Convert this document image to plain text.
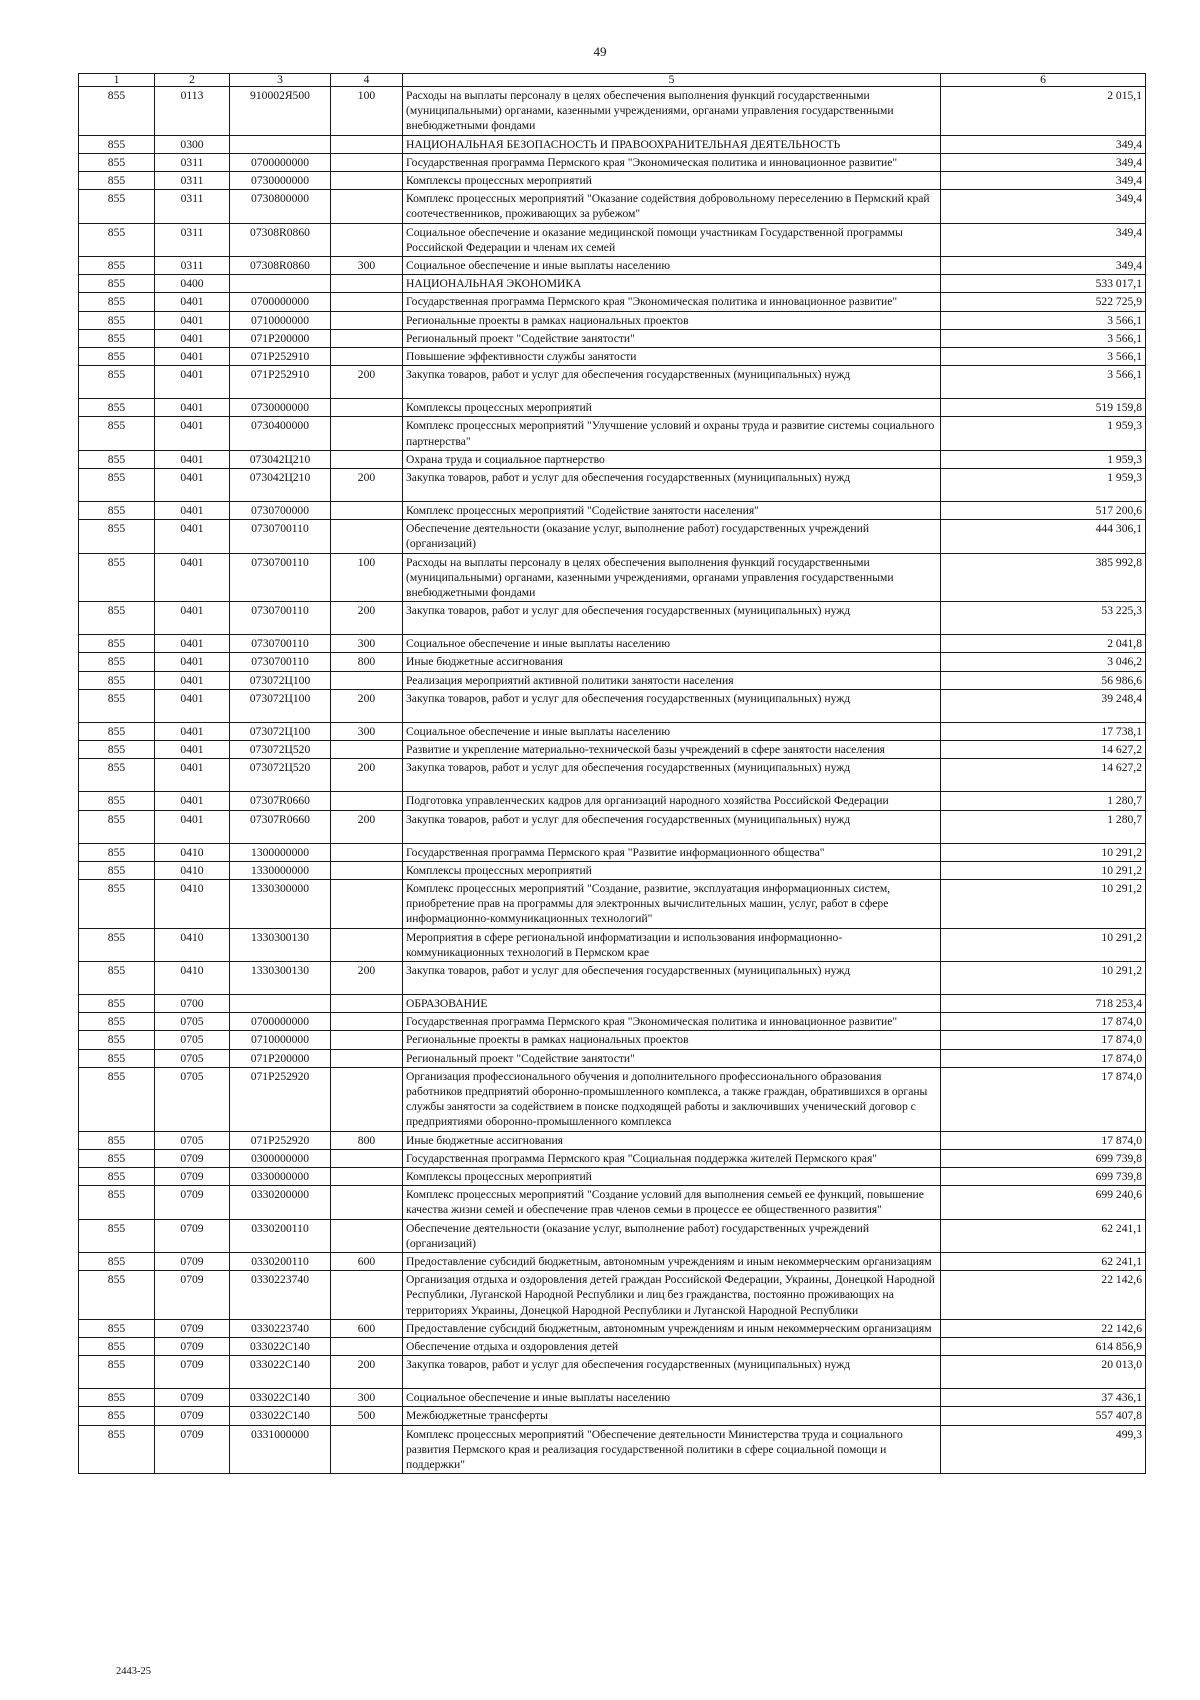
49
1	2	3	4	5	6
855	0113	910002Я500	100	Расходы на выплаты персоналу в целях обеспечения выполнения функций государственными (муниципальными) органами, казенными учреждениями, органами управления государственными внебюджетными фондами	2 015,1
855	0300			НАЦИОНАЛЬНАЯ БЕЗОПАСНОСТЬ И ПРАВООХРАНИТЕЛЬНАЯ ДЕЯТЕЛЬНОСТЬ	349,4
855	0311	0700000000		Государственная программа Пермского края "Экономическая политика и инновационное развитие"	349,4
855	0311	0730000000		Комплексы процессных мероприятий	349,4
855	0311	0730800000		Комплекс процессных мероприятий "Оказание содействия добровольному переселению в Пермский край соотечественников, проживающих за рубежом"	349,4
855	0311	07308R0860		Социальное обеспечение и оказание медицинской помощи участникам Государственной программы Российской Федерации и членам их семей	349,4
855	0311	07308R0860	300	Социальное обеспечение и иные выплаты населению	349,4
855	0400			НАЦИОНАЛЬНАЯ ЭКОНОМИКА	533 017,1
855	0401	0700000000		Государственная программа Пермского края "Экономическая политика и инновационное развитие"	522 725,9
855	0401	0710000000		Региональные проекты в рамках национальных проектов	3 566,1
855	0401	071P200000		Региональный проект "Содействие занятости"	3 566,1
855	0401	071P252910		Повышение эффективности службы занятости	3 566,1
855	0401	071P252910	200	Закупка товаров, работ и услуг для обеспечения государственных (муниципальных) нужд	3 566,1
855	0401	0730000000		Комплексы процессных мероприятий	519 159,8
855	0401	0730400000		Комплекс процессных мероприятий "Улучшение условий и охраны труда и развитие системы социального партнерства"	1 959,3
855	0401	073042Ц210		Охрана труда и социальное партнерство	1 959,3
855	0401	073042Ц210	200	Закупка товаров, работ и услуг для обеспечения государственных (муниципальных) нужд	1 959,3
855	0401	0730700000		Комплекс процессных мероприятий "Содействие занятости населения"	517 200,6
855	0401	0730700110		Обеспечение деятельности (оказание услуг, выполнение работ) государственных учреждений (организаций)	444 306,1
855	0401	0730700110	100	Расходы на выплаты персоналу в целях обеспечения выполнения функций государственными (муниципальными) органами, казенными учреждениями, органами управления государственными внебюджетными фондами	385 992,8
855	0401	0730700110	200	Закупка товаров, работ и услуг для обеспечения государственных (муниципальных) нужд	53 225,3
855	0401	0730700110	300	Социальное обеспечение и иные выплаты населению	2 041,8
855	0401	0730700110	800	Иные бюджетные ассигнования	3 046,2
855	0401	073072Ц100		Реализация мероприятий активной политики занятости населения	56 986,6
855	0401	073072Ц100	200	Закупка товаров, работ и услуг для обеспечения государственных (муниципальных) нужд	39 248,4
855	0401	073072Ц100	300	Социальное обеспечение и иные выплаты населению	17 738,1
855	0401	073072Ц520		Развитие и укрепление материально-технической базы учреждений в сфере занятости населения	14 627,2
855	0401	073072Ц520	200	Закупка товаров, работ и услуг для обеспечения государственных (муниципальных) нужд	14 627,2
855	0401	07307R0660		Подготовка управленческих кадров для организаций народного хозяйства Российской Федерации	1 280,7
855	0401	07307R0660	200	Закупка товаров, работ и услуг для обеспечения государственных (муниципальных) нужд	1 280,7
855	0410	1300000000		Государственная программа Пермского края "Развитие информационного общества"	10 291,2
855	0410	1330000000		Комплексы процессных мероприятий	10 291,2
855	0410	1330300000		Комплекс процессных мероприятий "Создание, развитие, эксплуатация информационных систем, приобретение прав на программы для электронных вычислительных машин, услуг, работ в сфере информационно-коммуникационных технологий"	10 291,2
855	0410	1330300130		Мероприятия в сфере региональной информатизации и использования информационно-коммуникационных технологий в Пермском крае	10 291,2
855	0410	1330300130	200	Закупка товаров, работ и услуг для обеспечения государственных (муниципальных) нужд	10 291,2
855	0700			ОБРАЗОВАНИЕ	718 253,4
855	0705	0700000000		Государственная программа Пермского края "Экономическая политика и инновационное развитие"	17 874,0
855	0705	0710000000		Региональные проекты в рамках национальных проектов	17 874,0
855	0705	071P200000		Региональный проект "Содействие занятости"	17 874,0
855	0705	071P252920		Организация профессионального обучения и дополнительного профессионального образования работников предприятий оборонно-промышленного комплекса, а также граждан, обратившихся в органы службы занятости за содействием в поиске подходящей работы и заключивших ученический договор с предприятиями оборонно-промышленного комплекса	17 874,0
855	0705	071P252920	800	Иные бюджетные ассигнования	17 874,0
855	0709	0300000000		Государственная программа Пермского края "Социальная поддержка жителей Пермского края"	699 739,8
855	0709	0330000000		Комплексы процессных мероприятий	699 739,8
855	0709	0330200000		Комплекс процессных мероприятий "Создание условий для выполнения семьей ее функций, повышение качества жизни семей и обеспечение прав членов семьи в процессе ее общественного развития"	699 240,6
855	0709	0330200110		Обеспечение деятельности (оказание услуг, выполнение работ) государственных учреждений (организаций)	62 241,1
855	0709	0330200110	600	Предоставление субсидий бюджетным, автономным учреждениям и иным некоммерческим организациям	62 241,1
855	0709	0330223740		Организация отдыха и оздоровления детей граждан Российской Федерации, Украины, Донецкой Народной Республики, Луганской Народной Республики и лиц без гражданства, постоянно проживающих на территориях Украины, Донецкой Народной Республики и Луганской Народной Республики	22 142,6
855	0709	0330223740	600	Предоставление субсидий бюджетным, автономным учреждениям и иным некоммерческим организациям	22 142,6
855	0709	033022С140		Обеспечение отдыха и оздоровления детей	614 856,9
855	0709	033022С140	200	Закупка товаров, работ и услуг для обеспечения государственных (муниципальных) нужд	20 013,0
855	0709	033022С140	300	Социальное обеспечение и иные выплаты населению	37 436,1
855	0709	033022С140	500	Межбюджетные трансферты	557 407,8
855	0709	0331000000		Комплекс процессных мероприятий "Обеспечение деятельности Министерства труда и социального развития Пермского края и реализация государственной политики в сфере социальной помощи и поддержки"	499,3
2443-25
